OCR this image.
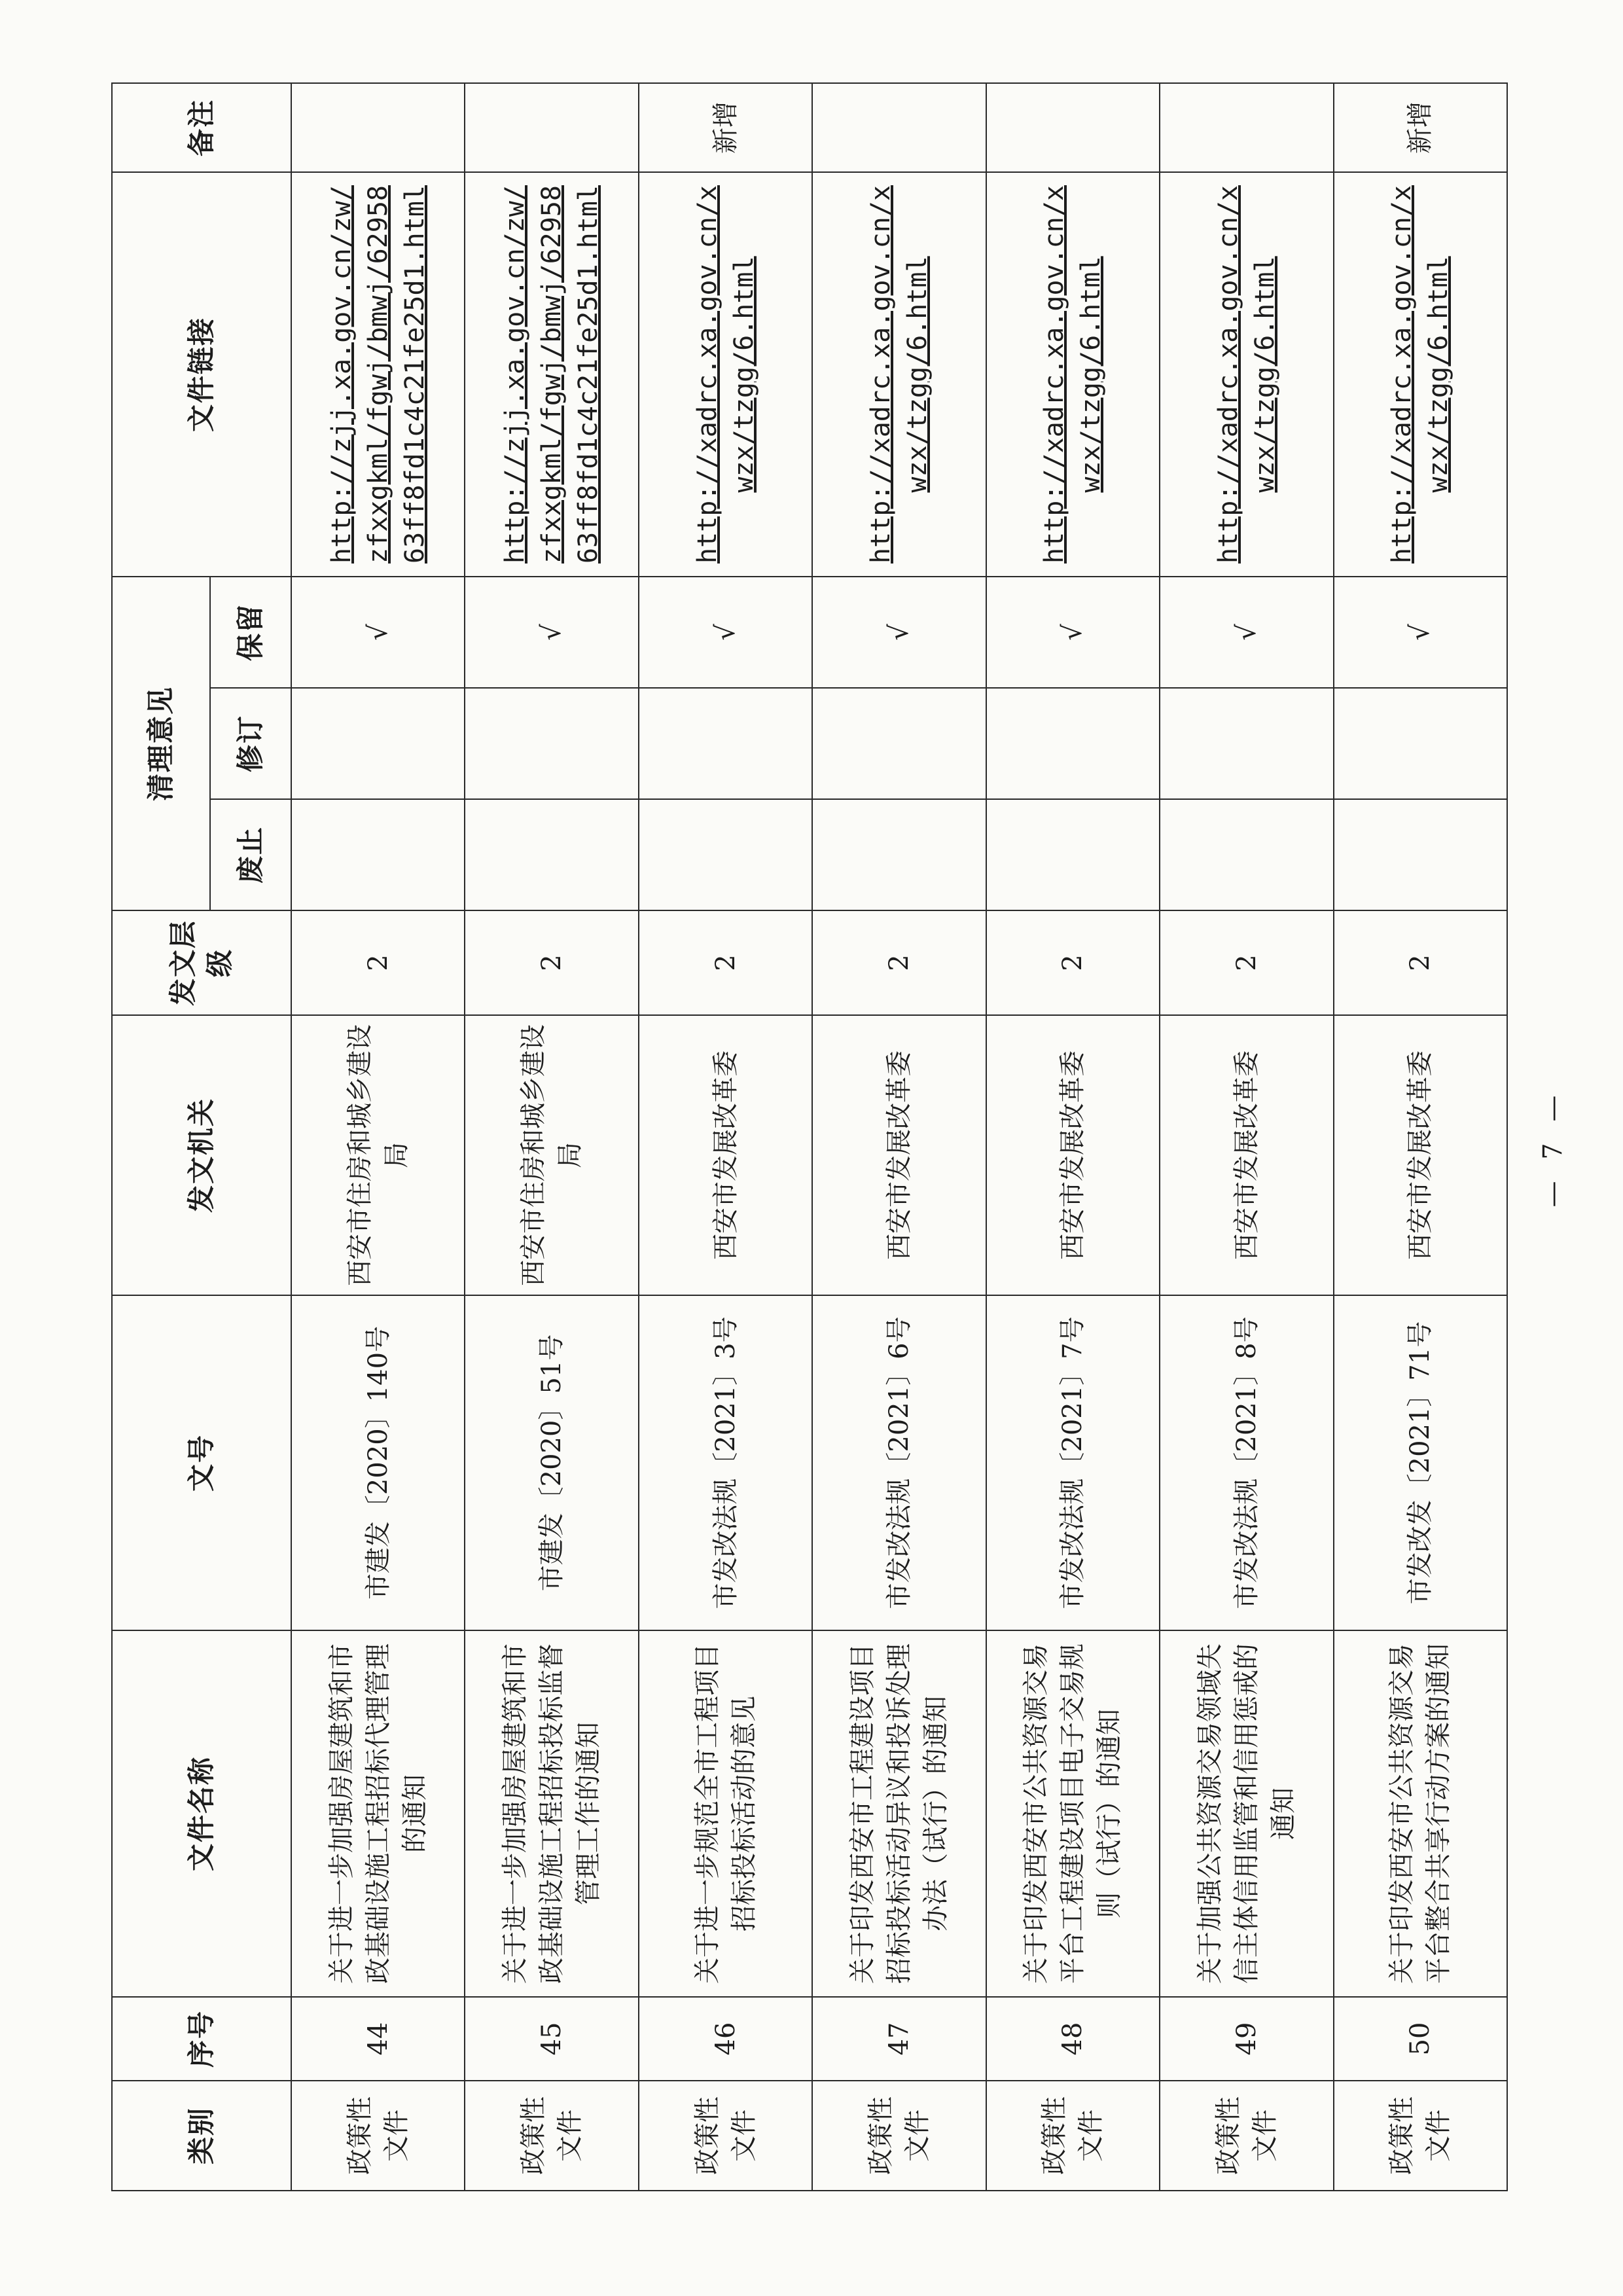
类别	序号	文件名称	文号	发文机关	发文层级	清理意见			文件链接	备注
						废止	修订	保留		
政策性文件	44	关于进一步加强房屋建筑和市政基础设施工程招标代理管理的通知	市建发〔2020〕140号	西安市住房和城乡建设局	2			√	http://zjj.xa.gov.cn/zw/zfxxgkml/fgwj/bmwj/6295863ff8fd1c4c21fe25d1.html	
政策性文件	45	关于进一步加强房屋建筑和市政基础设施工程招标投标监督管理工作的通知	市建发〔2020〕51号	西安市住房和城乡建设局	2			√	http://zjj.xa.gov.cn/zw/zfxxgkml/fgwj/bmwj/6295863ff8fd1c4c21fe25d1.html	
政策性文件	46	关于进一步规范全市工程项目招标投标活动的意见	市发改法规〔2021〕3号	西安市发展改革委	2			√	http://xadrc.xa.gov.cn/xwzx/tzgg/6.html	新增
政策性文件	47	关于印发西安市工程建设项目招标投标活动异议和投诉处理办法（试行）的通知	市发改法规〔2021〕6号	西安市发展改革委	2			√	http://xadrc.xa.gov.cn/xwzx/tzgg/6.html	
政策性文件	48	关于印发西安市公共资源交易平台工程建设项目电子交易规则（试行）的通知	市发改法规〔2021〕7号	西安市发展改革委	2			√	http://xadrc.xa.gov.cn/xwzx/tzgg/6.html	
政策性文件	49	关于加强公共资源交易领域失信主体信用监管和信用惩戒的通知	市发改法规〔2021〕8号	西安市发展改革委	2			√	http://xadrc.xa.gov.cn/xwzx/tzgg/6.html	
政策性文件	50	关于印发西安市公共资源交易平台整合共享行动方案的通知	市发改发〔2021〕71号	西安市发展改革委	2			√	http://xadrc.xa.gov.cn/xwzx/tzgg/6.html	新增
— 7 —
